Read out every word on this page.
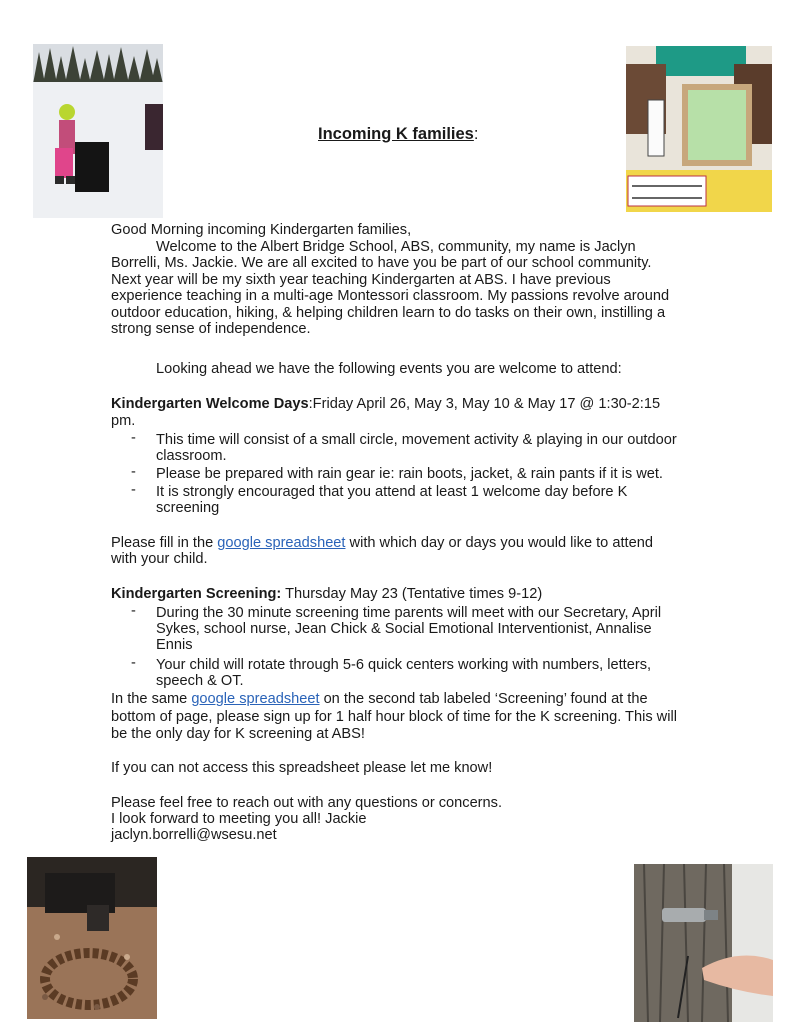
Incoming K families:
Good Morning incoming Kindergarten families,
Welcome to the Albert Bridge School, ABS, community, my name is Jaclyn
Borrelli, Ms. Jackie. We are all excited to have you be part of our school community.
Next year will be my sixth year teaching Kindergarten at ABS. I have previous
experience teaching in a multi-age Montessori classroom. My passions revolve around
outdoor education, hiking, & helping children learn to do tasks on their own, instilling a
strong sense of independence.
Looking ahead we have the following events you are welcome to attend:
Kindergarten Welcome Days:Friday April 26, May 3, May 10 & May 17 @ 1:30-2:15
pm.
- This time will consist of a small circle, movement activity & playing in our outdoor
classroom.
- Please be prepared with rain gear ie: rain boots, jacket, & rain pants if it is wet.
- It is strongly encouraged that you attend at least 1 welcome day before K
screening
Please fill in the google spreadsheet with which day or days you would like to attend
with your child.
Kindergarten Screening: Thursday May 23 (Tentative times 9-12)
- During the 30 minute screening time parents will meet with our Secretary, April
Sykes, school nurse, Jean Chick & Social Emotional Interventionist, Annalise
Ennis
- Your child will rotate through 5-6 quick centers working with numbers, letters,
speech & OT.
In the same google spreadsheet on the second tab labeled ‘Screening’ found at the
bottom of page, please sign up for 1 half hour block of time for the K screening. This will
be the only day for K screening at ABS!
If you can not access this spreadsheet please let me know!
Please feel free to reach out with any questions or concerns.
I look forward to meeting you all! Jackie
jaclyn.borrelli@wsesu.net
